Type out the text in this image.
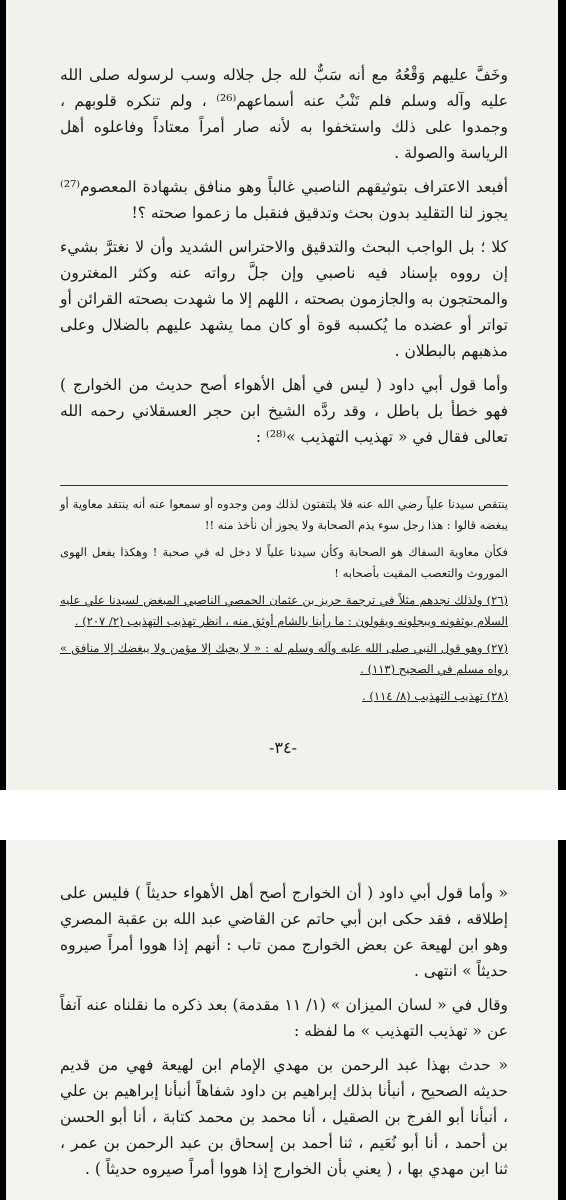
وخَفَّ عليهم وَقْعُهُ مع أنه سَبٌّ لله جل جلاله وسب لرسوله صلى الله عليه وآله وسلم فلم تَنْبُ عنه أسماعهم⁽²⁶⁾ ، ولم تنكره قلوبهم ، وجمدوا على ذلك واستخفوا به لأنه صار أمراً معتاداً وفاعلوه أهل الرياسة والصولة .

أفبعد الاعتراف بتوثيقهم الناصبي غالباً وهو منافق بشهادة المعصوم⁽²⁷⁾ يجوز لنا التقليد بدون بحث وتدقيق فنقبل ما زعموا صحته ؟!

كلا ؛ بل الواجب البحث والتدقيق والاحتراس الشديد وأن لا نغترَّ بشيء إن رووه بإسناد فيه ناصبي وإن جلَّ رواته عنه وكثر المغترون والمحتجون به والجازمون بصحته ، اللهم إلا ما شهدت بصحته القرائن أو تواتر أو عضده ما يُكسبه قوة أو كان مما يشهد عليهم بالضلال وعلى مذهبهم بالبطلان .

وأما قول أبي داود ( ليس في أهل الأهواء أصح حديث من الخوارج ) فهو خطأ بل باطل ، وقد ردَّه الشيخ ابن حجر العسقلاني رحمه الله تعالى فقال في « تهذيب التهذيب »⁽²⁸⁾ :

ينتقص سيدنا علياً رضي الله عنه فلا يلتفتون لذلك ومن وجدوه أو سمعوا عنه أنه ينتقد معاوية أو يبغضه قالوا : هذا رجل سوء يذم الصحابة ولا يجوز أن نأخذ منه !!

فكأن معاوية السفاك هو الصحابة وكأن سيدنا علياً لا دخل له في صحبة ! وهكذا يفعل الهوى الموروث والتعصب المقيت بأصحابه !

(٢٦) ولذلك نجدهم مثلاً في ترجمة حريز بن عثمان الحمصي الناصبي المبغض لسيدنا علي عليه السلام يوثقونه ويبجلونه ويقولون : ما رأينا بالشام أوثق منه ، انظر تهذيب التهذيب (٢/ ٢٠٧) .

(٢٧) وهو قول النبي صلى الله عليه وآله وسلم له : « لا يحبك إلا مؤمن ولا يبغضك إلا منافق » رواه مسلم في الصحيح (١١٣) .

(٢٨) تهذيب التهذيب (٨/ ١١٤) .

-٣٤-

« وأما قول أبي داود ( أن الخوارج أصح أهل الأهواء حديثاً ) فليس على إطلاقه ، فقد حكى ابن أبي حاتم عن القاضي عبد الله بن عقبة المصري وهو ابن لهيعة عن بعض الخوارج ممن تاب : أنهم إذا هووا أمراً صيروه حديثاً » انتهى .

وقال في « لسان الميزان » (١/ ١١ مقدمة) بعد ذكره ما نقلناه عنه آنفاً عن « تهذيب التهذيب » ما لفظه :

« حدث بهذا عبد الرحمن بن مهدي الإمام ابن لهيعة فهي من قديم حديثه الصحيح ، أنبأنا بذلك إبراهيم بن داود شفاهاً أنبأنا إبراهيم بن علي ، أنبأنا أبو الفرج بن الصقيل ، أنا محمد بن محمد كتابة ، أنا أبو الحسن بن أحمد ، أنا أبو نُعَيم ، ثنا أحمد بن إسحاق بن عبد الرحمن بن عمر ، ثنا ابن مهدي بها ، ( يعني بأن الخوارج إذا هووا أمراً صيروه حديثاً ) .
